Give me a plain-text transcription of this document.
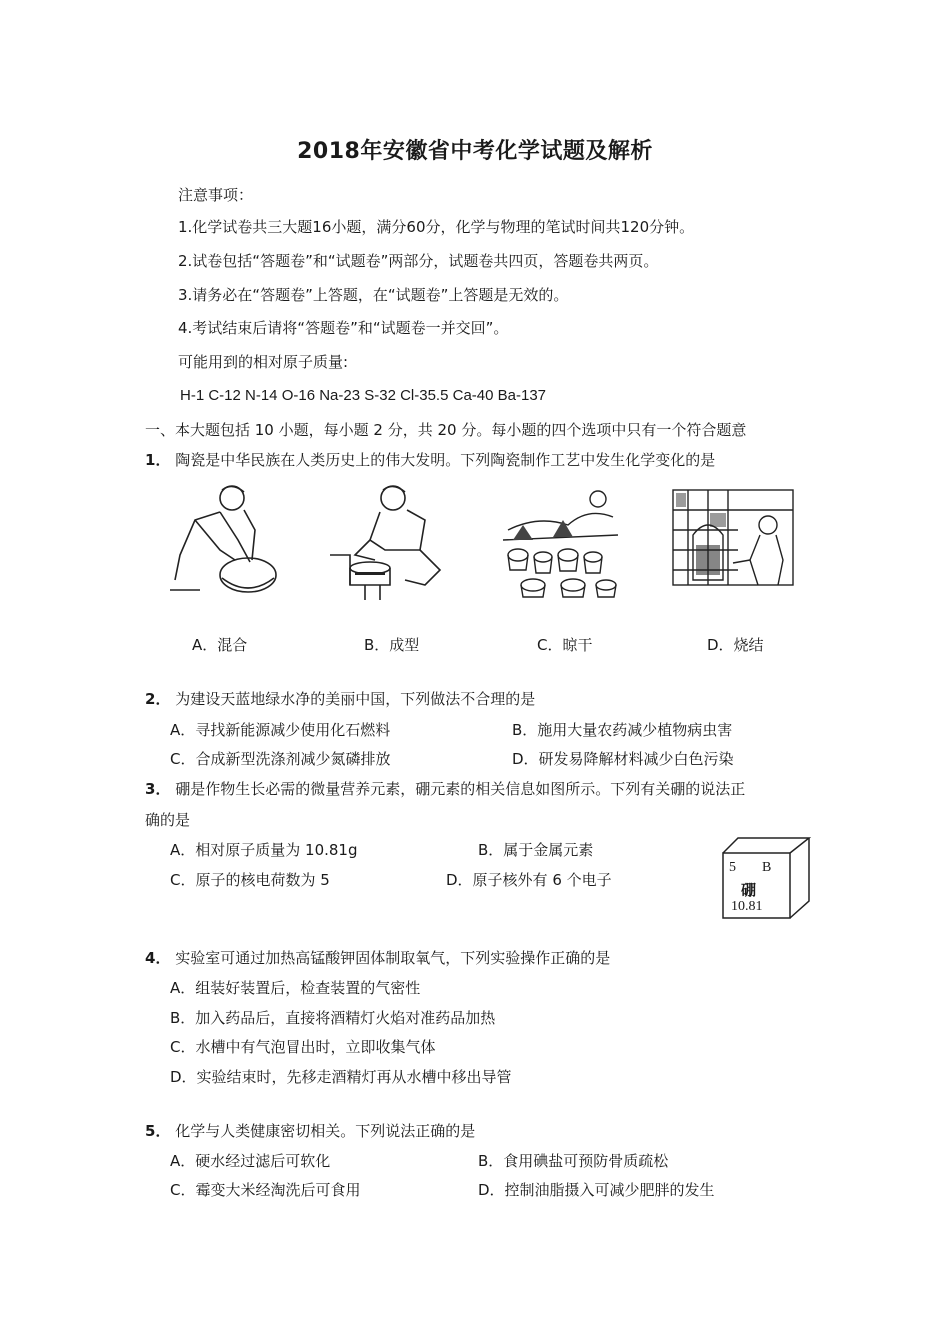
2018年安徽省中考化学试题及解析
注意事项：
1.化学试卷共三大题16小题，满分60分，化学与物理的笔试时间共120分钟。
2.试卷包括“答题卷”和“试题卷”两部分，试题卷共四页，答题卷共两页。
3.请务必在“答题卷”上答题，在“试题卷”上答题是无效的。
4.考试结束后请将“答题卷”和“试题卷一并交回”。
可能用到的相对原子质量:
H-1 C-12 N-14 O-16 Na-23 S-32 Cl-35.5 Ca-40 Ba-137
一、本大题包括 10 小题，每小题 2 分，共 20 分。每小题的四个选项中只有一个符合题意
1． 陶瓷是中华民族在人类历史上的伟大发明。下列陶瓷制作工艺中发生化学变化的是
A．混合	B．成型	C．晾干	D．烧结
2． 为建设天蓝地绿水净的美丽中国，下列做法不合理的是
A．寻找新能源减少使用化石燃料	B．施用大量农药减少植物病虫害
C．合成新型洗涤剂减少氮磷排放	D．研发易降解材料减少白色污染
3． 硼是作物生长必需的微量营养元素，硼元素的相关信息如图所示。下列有关硼的说法正
确的是
A．相对原子质量为 10.81g	B．属于金属元素
C．原子的核电荷数为 5	D．原子核外有 6 个电子
5 B
硼
10.81
4． 实验室可通过加热高锰酸钾固体制取氧气，下列实验操作正确的是
A．组装好装置后，检查装置的气密性
B．加入药品后，直接将酒精灯火焰对准药品加热
C．水槽中有气泡冒出时，立即收集气体
D．实验结束时，先移走酒精灯再从水槽中移出导管
5． 化学与人类健康密切相关。下列说法正确的是
A．硬水经过滤后可软化	B．食用碘盐可预防骨质疏松
C．霉变大米经淘洗后可食用	D．控制油脂摄入可减少肥胖的发生
